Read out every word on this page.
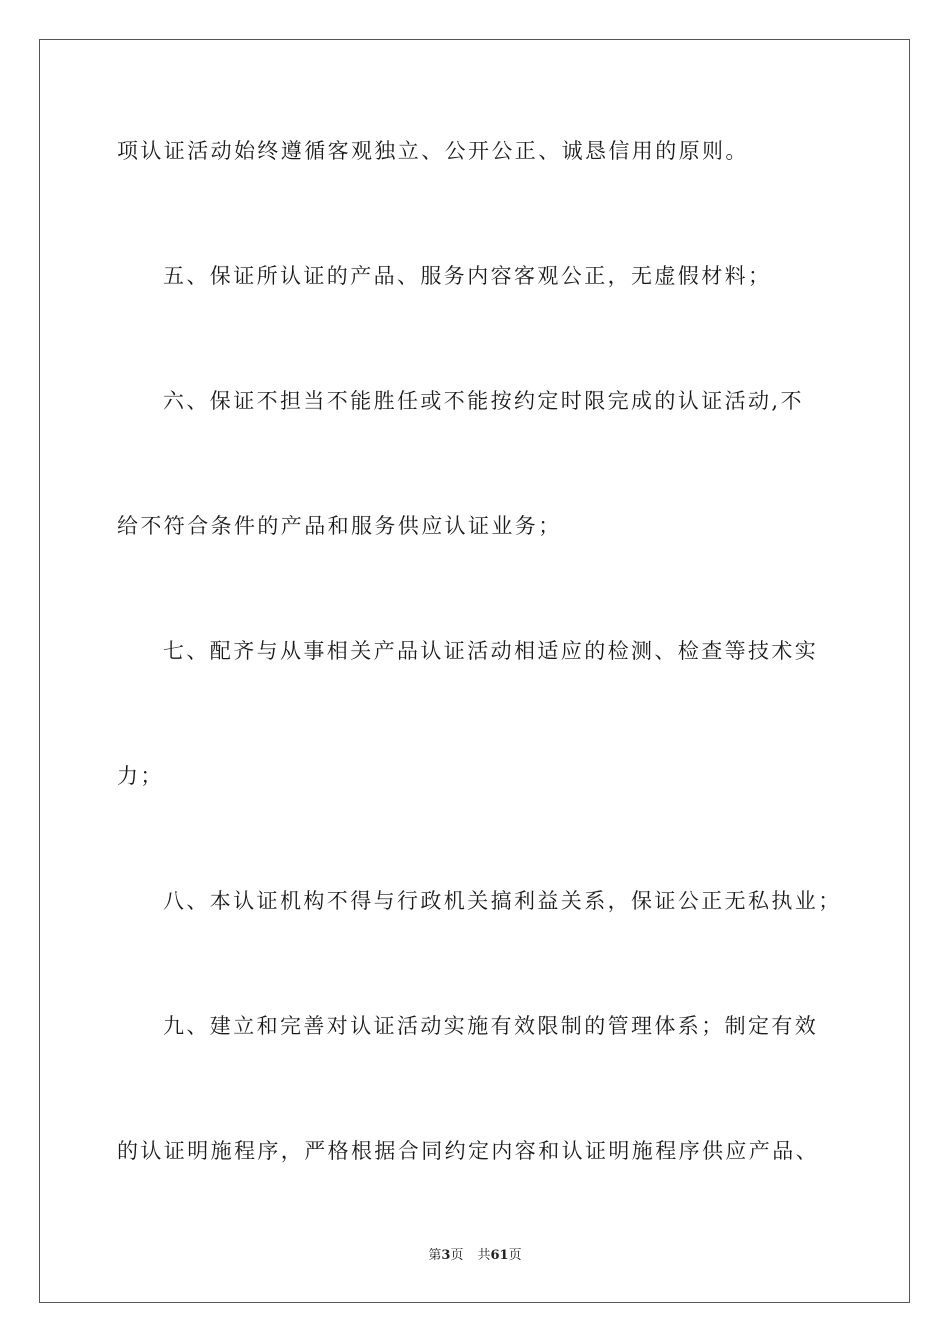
项认证活动始终遵循客观独立、公开公正、诚恳信用的原则。
五、保证所认证的产品、服务内容客观公正，无虚假材料；
六、保证不担当不能胜任或不能按约定时限完成的认证活动,不
给不符合条件的产品和服务供应认证业务；
七、配齐与从事相关产品认证活动相适应的检测、检查等技术实
力；
八、本认证机构不得与行政机关搞利益关系，保证公正无私执业；
九、建立和完善对认证活动实施有效限制的管理体系；制定有效
的认证明施程序，严格根据合同约定内容和认证明施程序供应产品、
第3页 共61页
